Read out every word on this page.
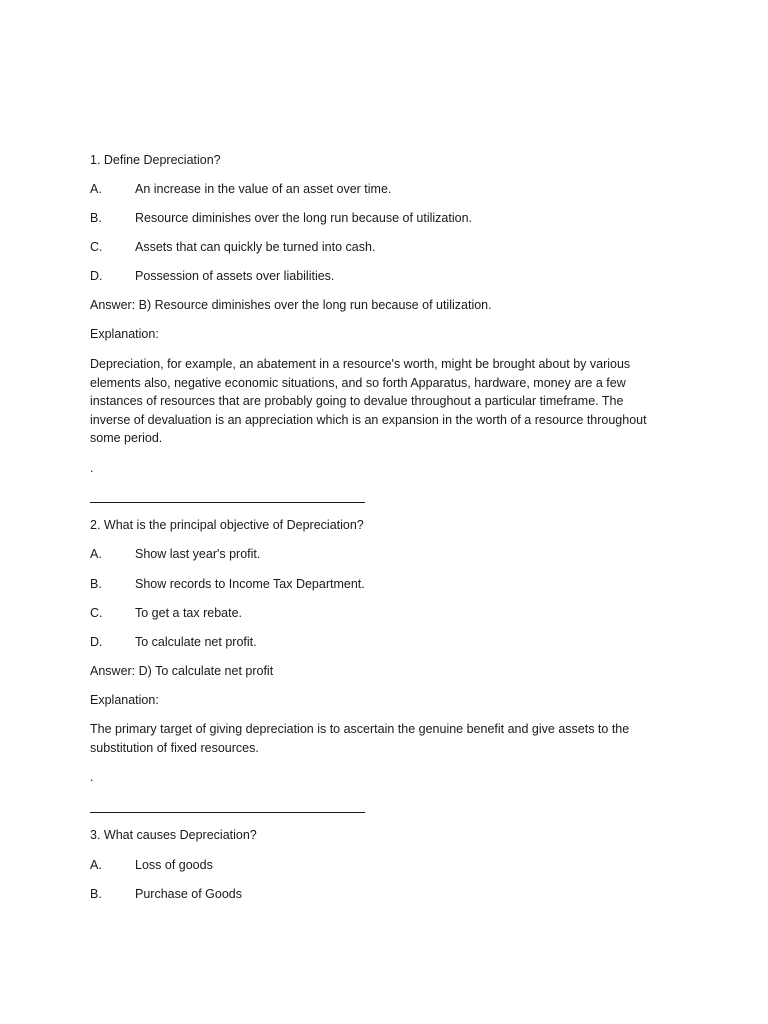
1. Define Depreciation?
A.	An increase in the value of an asset over time.
B.	Resource diminishes over the long run because of utilization.
C.	Assets that can quickly be turned into cash.
D.	Possession of assets over liabilities.
Answer: B) Resource diminishes over the long run because of utilization.
Explanation:
Depreciation, for example, an abatement in a resource's worth, might be brought about by various elements also, negative economic situations, and so forth Apparatus, hardware, money are a few instances of resources that are probably going to devalue throughout a particular timeframe. The inverse of devaluation is an appreciation which is an expansion in the worth of a resource throughout some period.
.
2. What is the principal objective of Depreciation?
A.	Show last year's profit.
B.	Show records to Income Tax Department.
C.	To get a tax rebate.
D.	To calculate net profit.
Answer: D) To calculate net profit
Explanation:
The primary target of giving depreciation is to ascertain the genuine benefit and give assets to the substitution of fixed resources.
.
3. What causes Depreciation?
A.	Loss of goods
B.	Purchase of Goods
